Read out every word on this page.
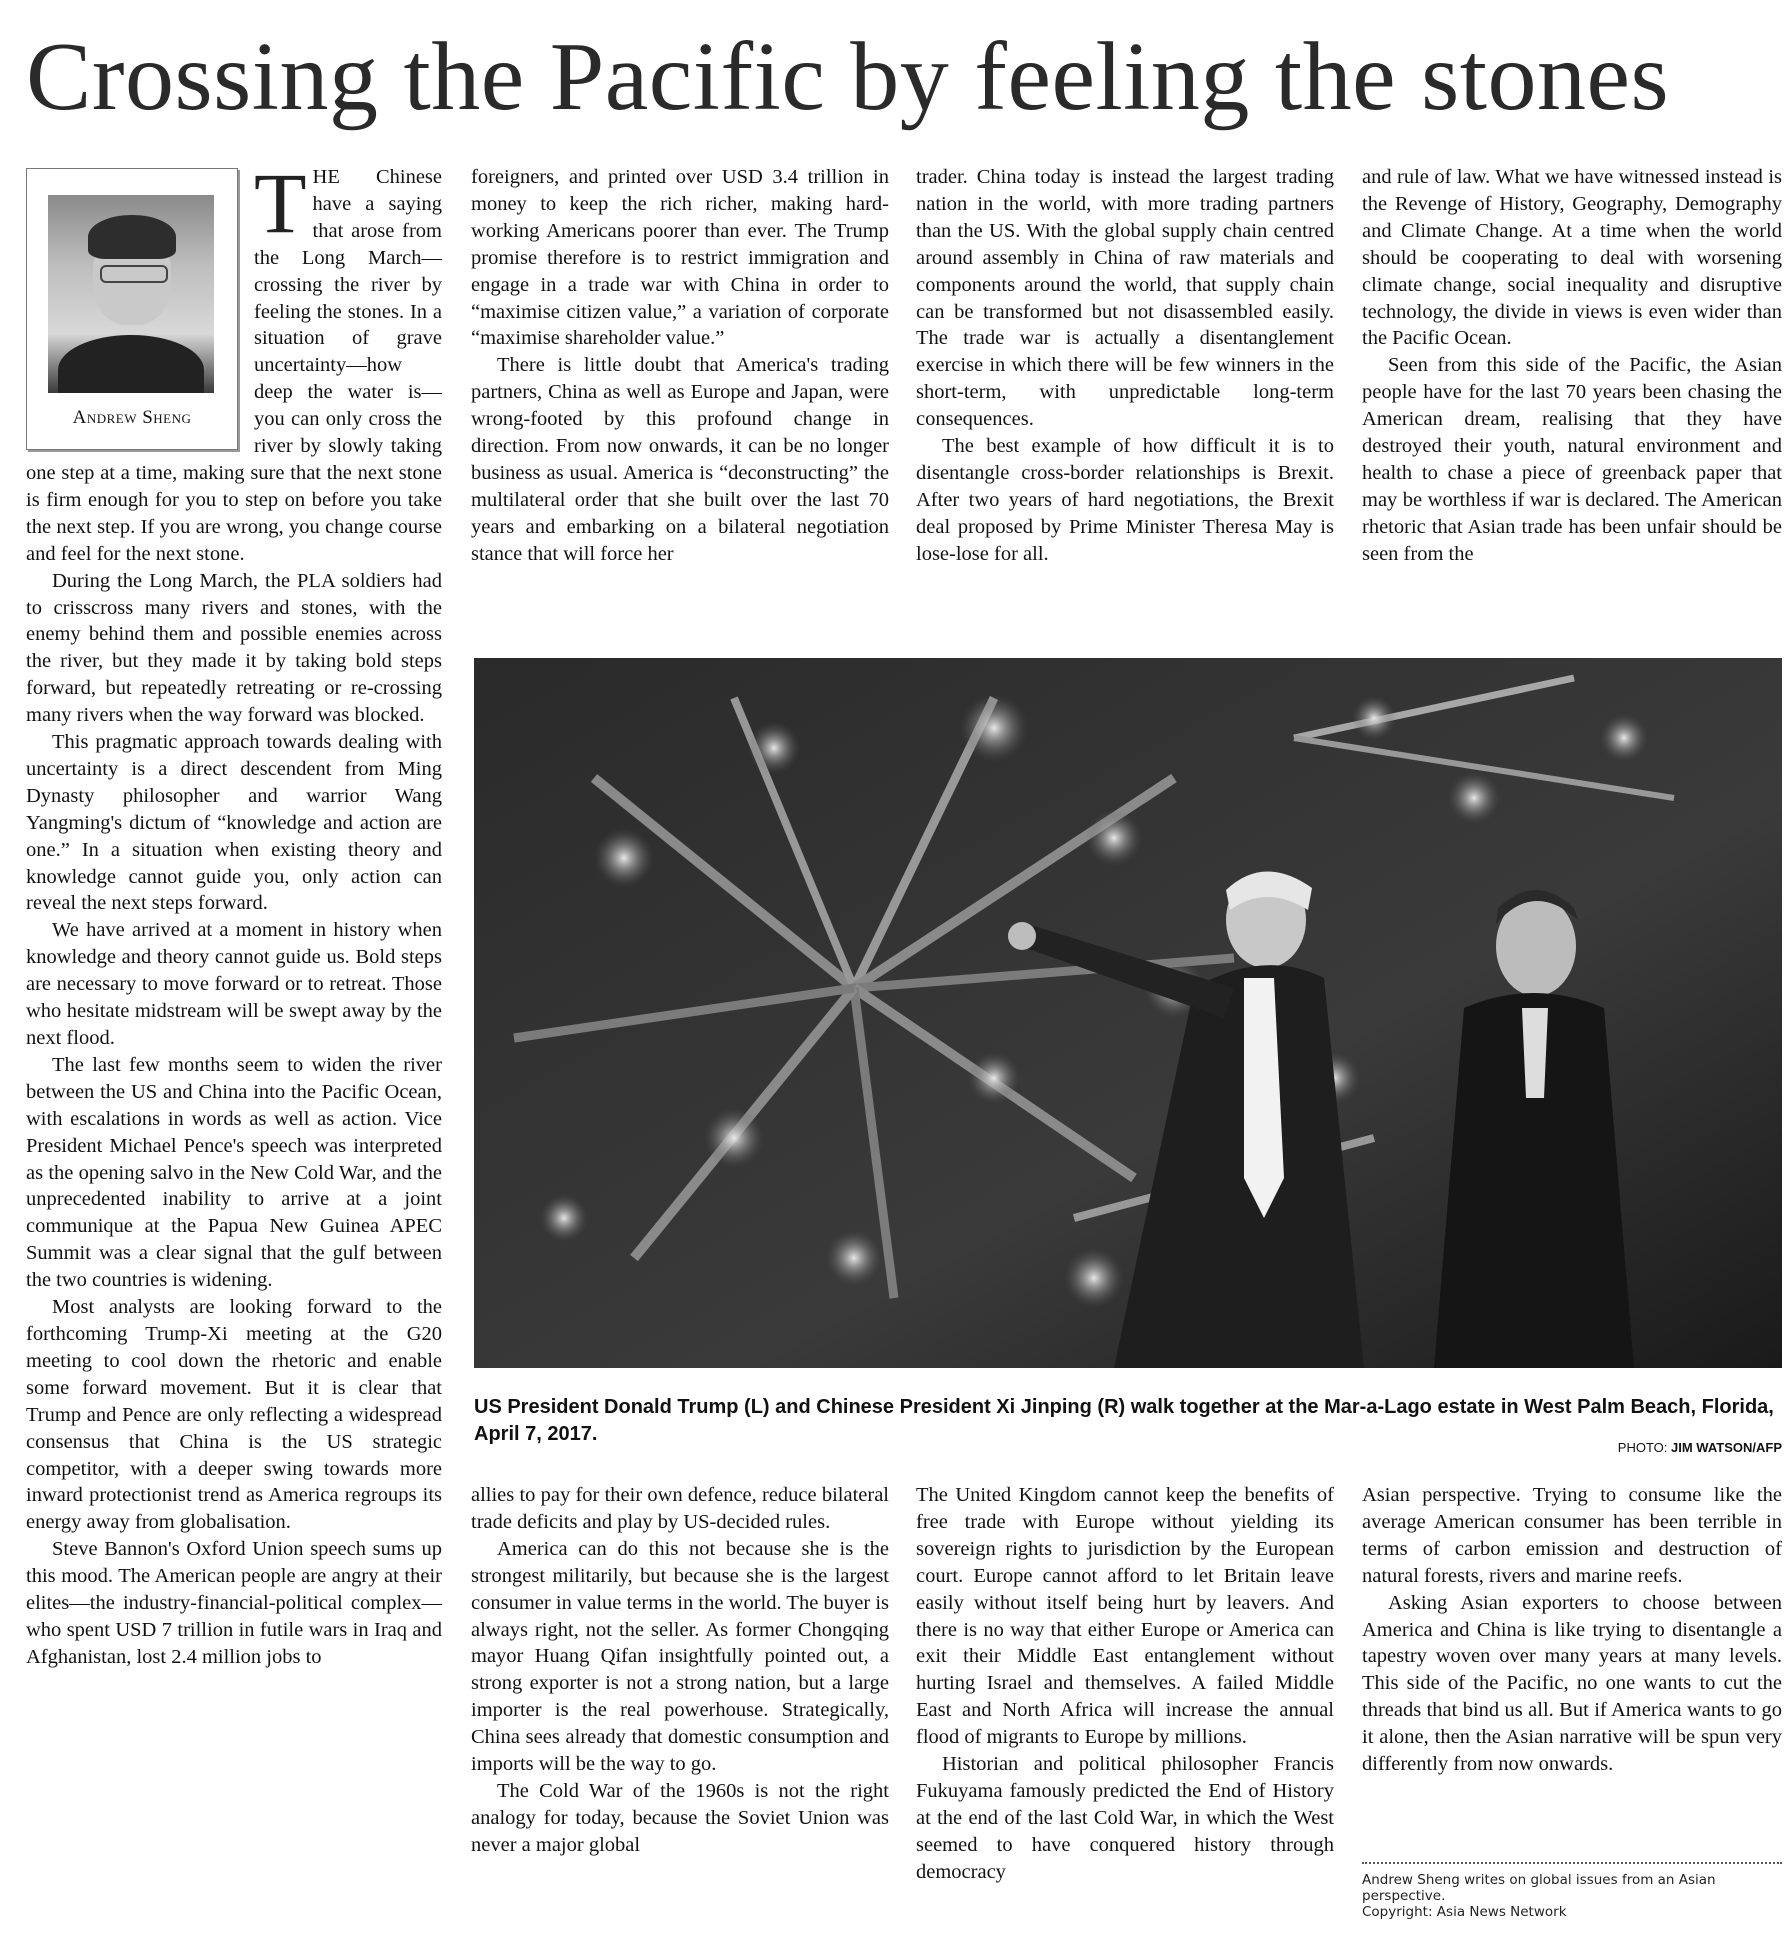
Crossing the Pacific by feeling the stones
Andrew Sheng
T HE Chinese have a saying that arose from the Long March—crossing the river by feeling the stones. In a situation of grave uncertainty—how deep the water is—you can only cross the river by slowly taking one step at a time, making sure that the next stone is firm enough for you to step on before you take the next step. If you are wrong, you change course and feel for the next stone.

During the Long March, the PLA soldiers had to crisscross many rivers and stones, with the enemy behind them and possible enemies across the river, but they made it by taking bold steps forward, but repeatedly retreating or re-crossing many rivers when the way forward was blocked.

This pragmatic approach towards dealing with uncertainty is a direct descendent from Ming Dynasty philosopher and warrior Wang Yangming's dictum of “knowledge and action are one.” In a situation when existing theory and knowledge cannot guide you, only action can reveal the next steps forward.

We have arrived at a moment in history when knowledge and theory cannot guide us. Bold steps are necessary to move forward or to retreat. Those who hesitate midstream will be swept away by the next flood.

The last few months seem to widen the river between the US and China into the Pacific Ocean, with escalations in words as well as action. Vice President Michael Pence's speech was interpreted as the opening salvo in the New Cold War, and the unprecedented inability to arrive at a joint communique at the Papua New Guinea APEC Summit was a clear signal that the gulf between the two countries is widening.

Most analysts are looking forward to the forthcoming Trump-Xi meeting at the G20 meeting to cool down the rhetoric and enable some forward movement. But it is clear that Trump and Pence are only reflecting a widespread consensus that China is the US strategic competitor, with a deeper swing towards more inward protectionist trend as America regroups its energy away from globalisation.

Steve Bannon's Oxford Union speech sums up this mood. The American people are angry at their elites—the industry-financial-political complex—who spent USD 7 trillion in futile wars in Iraq and Afghanistan, lost 2.4 million jobs to

foreigners, and printed over USD 3.4 trillion in money to keep the rich richer, making hard-working Americans poorer than ever. The Trump promise therefore is to restrict immigration and engage in a trade war with China in order to “maximise citizen value,” a variation of corporate “maximise shareholder value.”

There is little doubt that America's trading partners, China as well as Europe and Japan, were wrong-footed by this profound change in direction. From now onwards, it can be no longer business as usual. America is “deconstructing” the multilateral order that she built over the last 70 years and embarking on a bilateral negotiation stance that will force her

trader. China today is instead the largest trading nation in the world, with more trading partners than the US. With the global supply chain centred around assembly in China of raw materials and components around the world, that supply chain can be transformed but not disassembled easily. The trade war is actually a disentanglement exercise in which there will be few winners in the short-term, with unpredictable long-term consequences.

The best example of how difficult it is to disentangle cross-border relationships is Brexit. After two years of hard negotiations, the Brexit deal proposed by Prime Minister Theresa May is lose-lose for all.

and rule of law. What we have witnessed instead is the Revenge of History, Geography, Demography and Climate Change. At a time when the world should be cooperating to deal with worsening climate change, social inequality and disruptive technology, the divide in views is even wider than the Pacific Ocean.

Seen from this side of the Pacific, the Asian people have for the last 70 years been chasing the American dream, realising that they have destroyed their youth, natural environment and health to chase a piece of greenback paper that may be worthless if war is declared. The American rhetoric that Asian trade has been unfair should be seen from the

US President Donald Trump (L) and Chinese President Xi Jinping (R) walk together at the Mar-a-Lago estate in West Palm Beach, Florida, April 7, 2017.
PHOTO: JIM WATSON/AFP

allies to pay for their own defence, reduce bilateral trade deficits and play by US-decided rules.

America can do this not because she is the strongest militarily, but because she is the largest consumer in value terms in the world. The buyer is always right, not the seller. As former Chongqing mayor Huang Qifan insightfully pointed out, a strong exporter is not a strong nation, but a large importer is the real powerhouse. Strategically, China sees already that domestic consumption and imports will be the way to go.

The Cold War of the 1960s is not the right analogy for today, because the Soviet Union was never a major global

The United Kingdom cannot keep the benefits of free trade with Europe without yielding its sovereign rights to jurisdiction by the European court. Europe cannot afford to let Britain leave easily without itself being hurt by leavers. And there is no way that either Europe or America can exit their Middle East entanglement without hurting Israel and themselves. A failed Middle East and North Africa will increase the annual flood of migrants to Europe by millions.

Historian and political philosopher Francis Fukuyama famously predicted the End of History at the end of the last Cold War, in which the West seemed to have conquered history through democracy

Asian perspective. Trying to consume like the average American consumer has been terrible in terms of carbon emission and destruction of natural forests, rivers and marine reefs.

Asking Asian exporters to choose between America and China is like trying to disentangle a tapestry woven over many years at many levels. This side of the Pacific, no one wants to cut the threads that bind us all. But if America wants to go it alone, then the Asian narrative will be spun very differently from now onwards.

Andrew Sheng writes on global issues from an Asian perspective.
Copyright: Asia News Network
